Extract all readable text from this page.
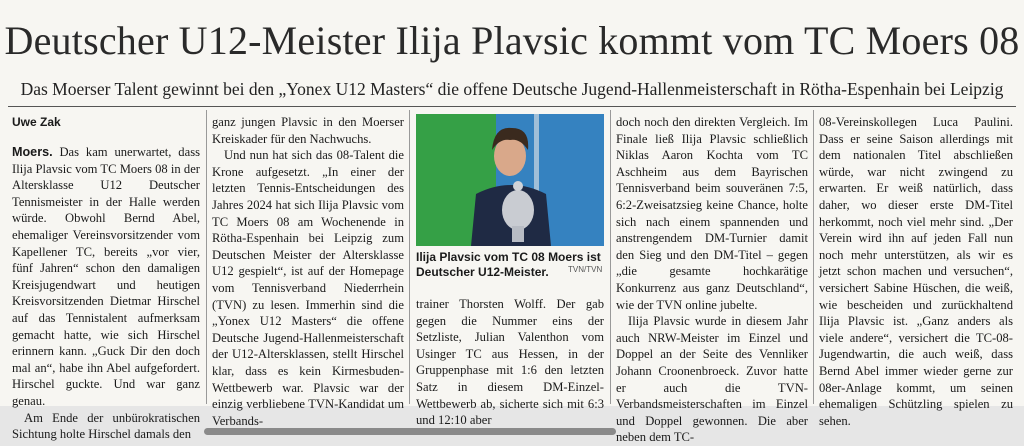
Deutscher U12-Meister Ilija Plavsic kommt vom TC Moers 08
Das Moerser Talent gewinnt bei den „Yonex U12 Masters“ die offene Deutsche Jugend-Hallenmeisterschaft in Rötha-Espenhain bei Leipzig
Uwe Zak

Moers. Das kam unerwartet, dass Ilija Plavsic vom TC Moers 08 in der Altersklasse U12 Deutscher Tennismeister in der Halle werden würde. Obwohl Bernd Abel, ehemaliger Vereinsvorsitzender vom Kapellener TC, bereits „vor vier, fünf Jahren“ schon den damaligen Kreisjugendwart und heutigen Kreisvorsitzenden Dietmar Hirschel auf das Tennistalent aufmerksam gemacht hatte, wie sich Hirschel erinnern kann. „Guck Dir den doch mal an“, habe ihn Abel aufgefordert. Hirschel guckte. Und war ganz genau.

Am Ende der unbürokratischen Sichtung holte Hirschel damals den

ganz jungen Plavsic in den Moerser Kreiskader für den Nachwuchs.

Und nun hat sich das 08-Talent die Krone aufgesetzt. „In einer der letzten Tennis-Entscheidungen des Jahres 2024 hat sich Ilija Plavsic vom TC Moers 08 am Wochenende in Rötha-Espenhain bei Leipzig zum Deutschen Meister der Altersklasse U12 gespielt“, ist auf der Homepage vom Tennisverband Niederrhein (TVN) zu lesen. Immerhin sind die „Yonex U12 Masters“ die offene Deutsche Jugend-Hallenmeisterschaft der U12-Altersklassen, stellt Hirschel klar, dass es kein Kirmesbuden-Wettbewerb war. Plavsic war der einzig verbliebene TVN-Kandidat um Verbands-

Ilija Plavsic vom TC 08 Moers ist Deutscher U12-Meister.	TVN/TVN

trainer Thorsten Wolff. Der gab gegen die Nummer eins der Setzliste, Julian Valenthon vom Usinger TC aus Hessen, in der Gruppenphase mit 1:6 den letzten Satz in diesem DM-Einzel-Wettbewerb ab, sicherte sich mit 6:3 und 12:10 aber

doch noch den direkten Vergleich. Im Finale ließ Ilija Plavsic schließlich Niklas Aaron Kochta vom TC Aschheim aus dem Bayrischen Tennisverband beim souveränen 7:5, 6:2-Zweisatzsieg keine Chance, holte sich nach einem spannenden und anstrengendem DM-Turnier damit den Sieg und den DM-Titel – gegen „die gesamte hochkarätige Konkurrenz aus ganz Deutschland“, wie der TVN online jubelte.

Ilija Plavsic wurde in diesem Jahr auch NRW-Meister im Einzel und Doppel an der Seite des Vennliker Johann Croonenbroeck. Zuvor hatte er auch die TVN-Verbandsmeisterschaften im Einzel und Doppel gewonnen. Die aber neben dem TC-

08-Vereinskollegen Luca Paulini. Dass er seine Saison allerdings mit dem nationalen Titel abschließen würde, war nicht zwingend zu erwarten. Er weiß natürlich, dass daher, wo dieser erste DM-Titel herkommt, noch viel mehr sind. „Der Verein wird ihn auf jeden Fall nun noch mehr unterstützen, als wir es jetzt schon machen und versuchen“, versichert Sabine Hüschen, die weiß, wie bescheiden und zurückhaltend Ilija Plavsic ist. „Ganz anders als viele andere“, versichert die TC-08-Jugendwartin, die auch weiß, dass Bernd Abel immer wieder gerne zur 08er-Anlage kommt, um seinen ehemaligen Schützling spielen zu sehen.
